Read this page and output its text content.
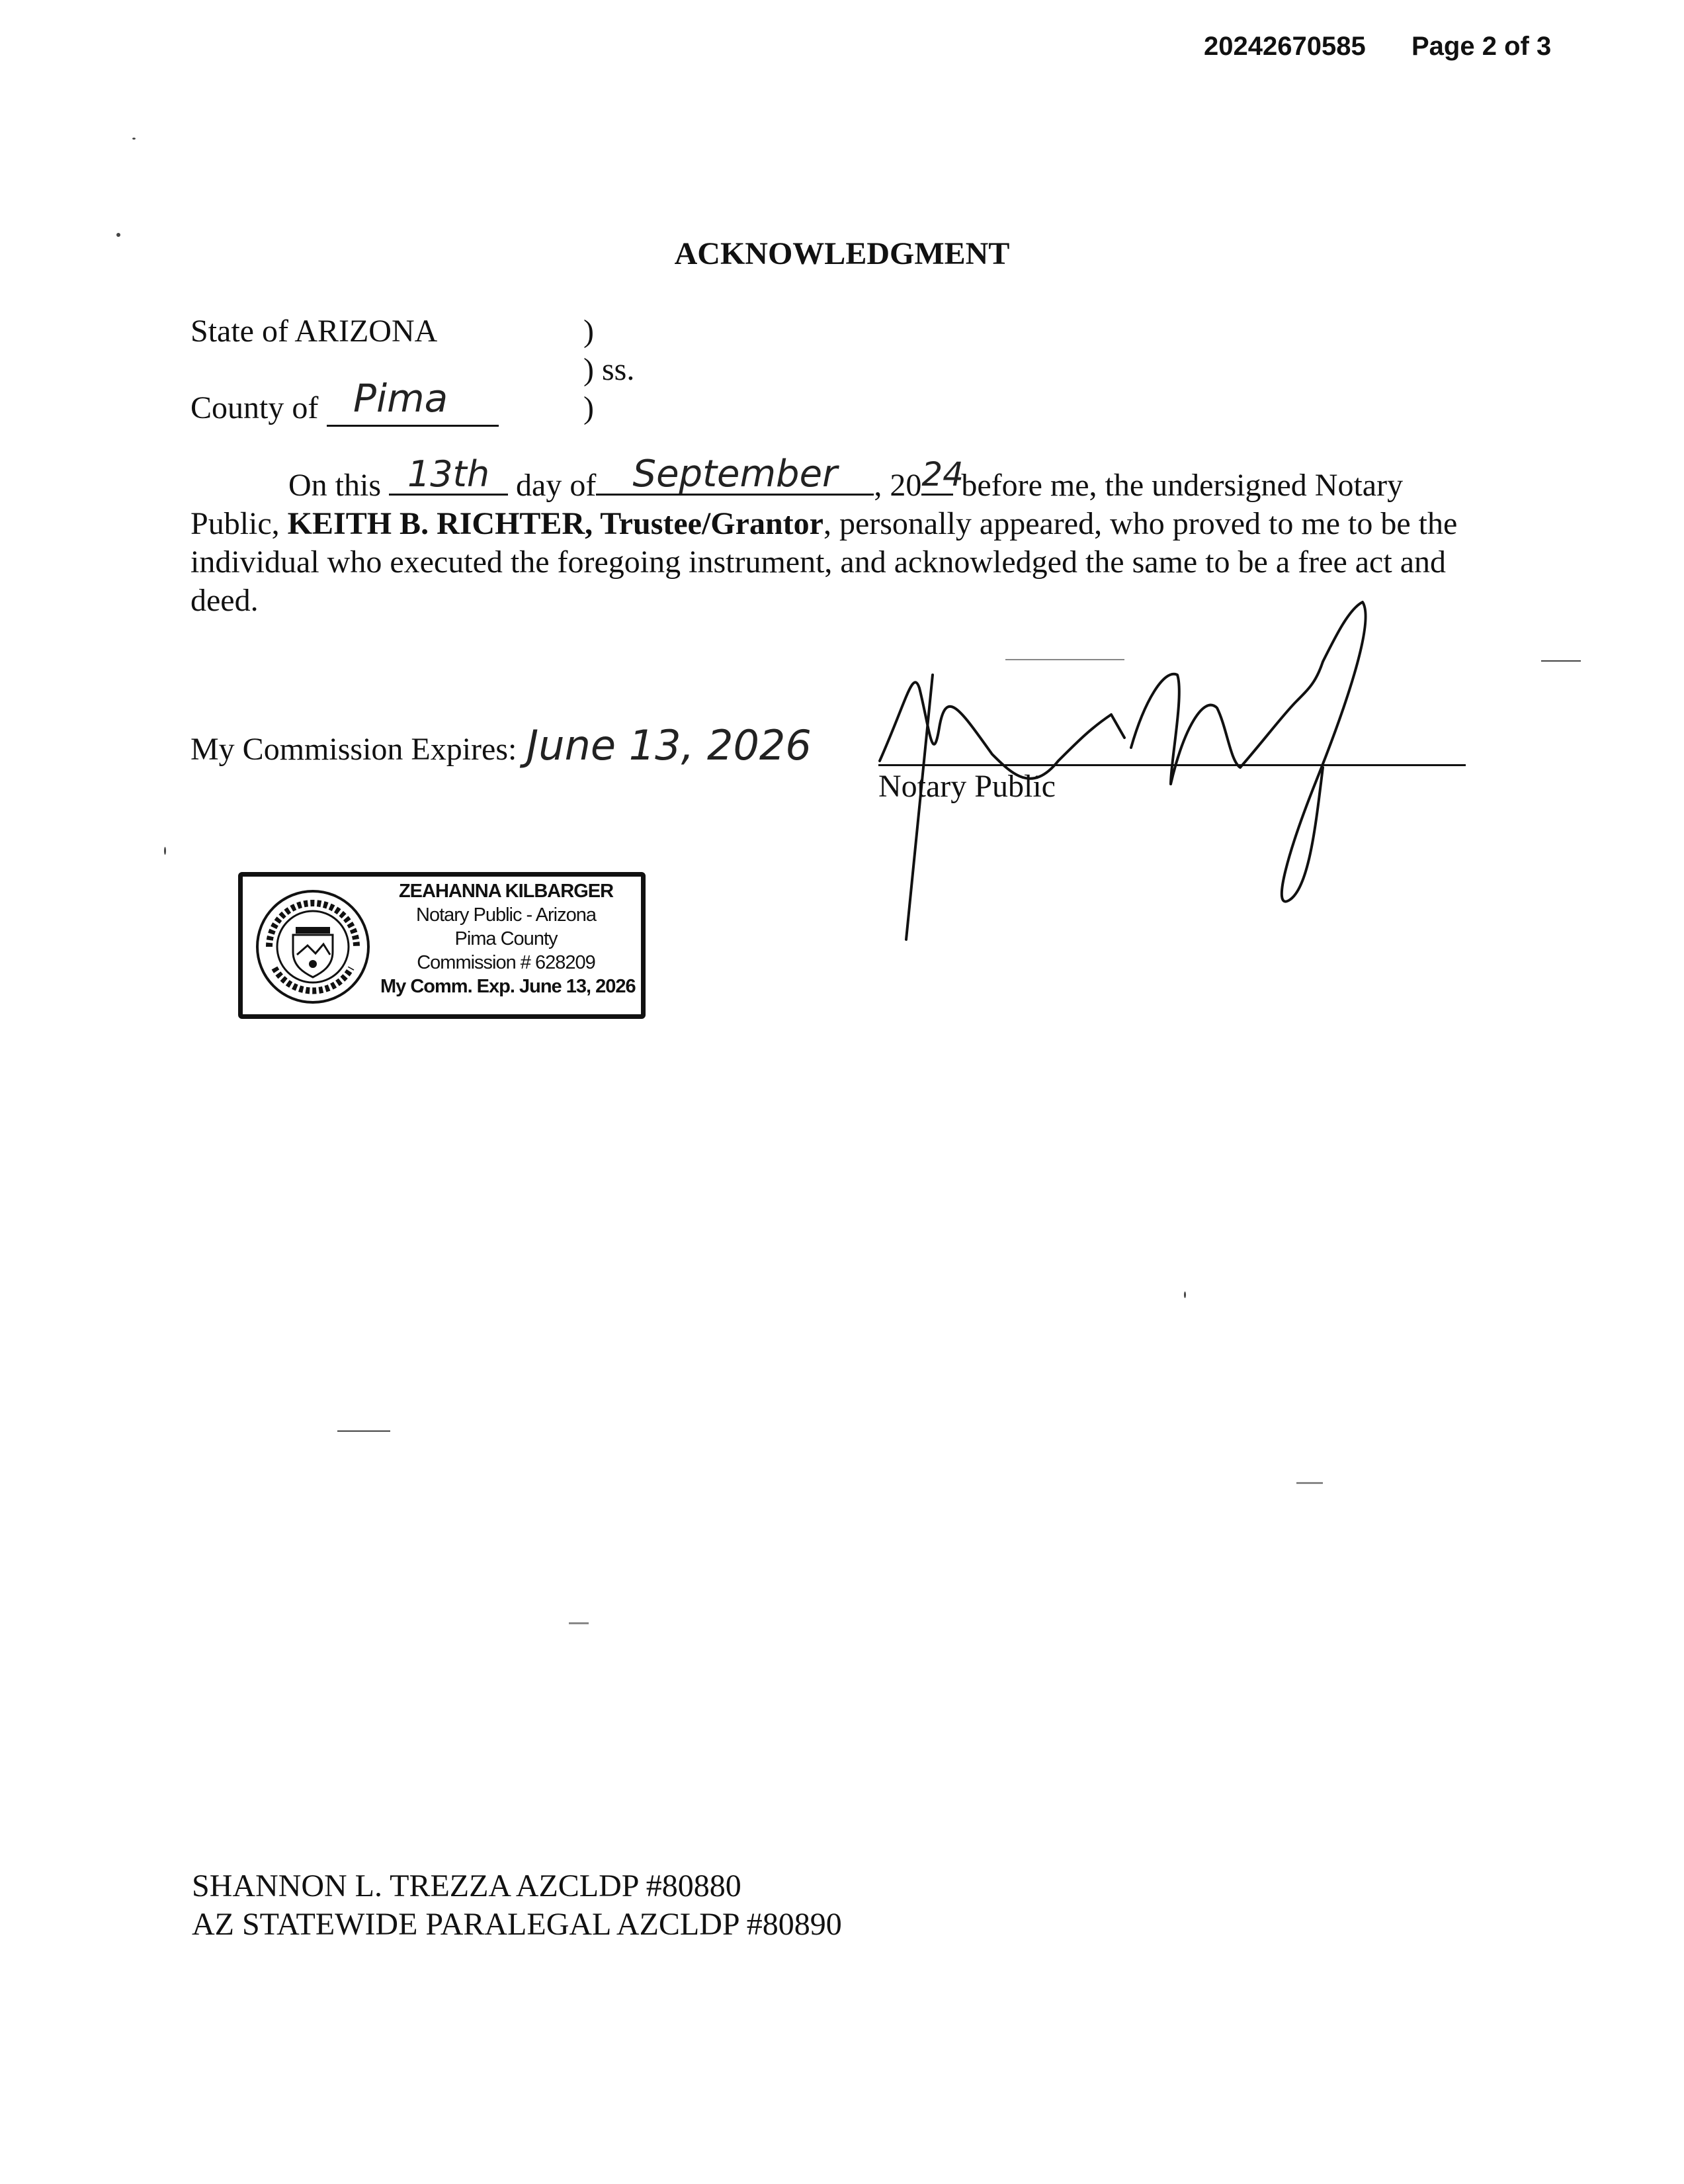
20242670585 Page 2 of 3
ACKNOWLEDGMENT
State of ARIZONA	)
) ss.
County of Pima	)
On this 13th day of September	, 20 24
before me, the undersigned Notary Public, KEITH B. RICHTER, Trustee/Grantor, personally appeared, who proved to me to be the individual who executed the foregoing instrument, and acknowledged the same to be a free act and deed.
My Commission Expires: June 13, 2026
Notary Public
ZEAHANNA KILBARGER
Notary Public - Arizona
Pima County
Commission # 628209
My Comm. Exp. June 13, 2026
SHANNON L. TREZZA AZCLDP #80880
AZ STATEWIDE PARALEGAL AZCLDP #80890
